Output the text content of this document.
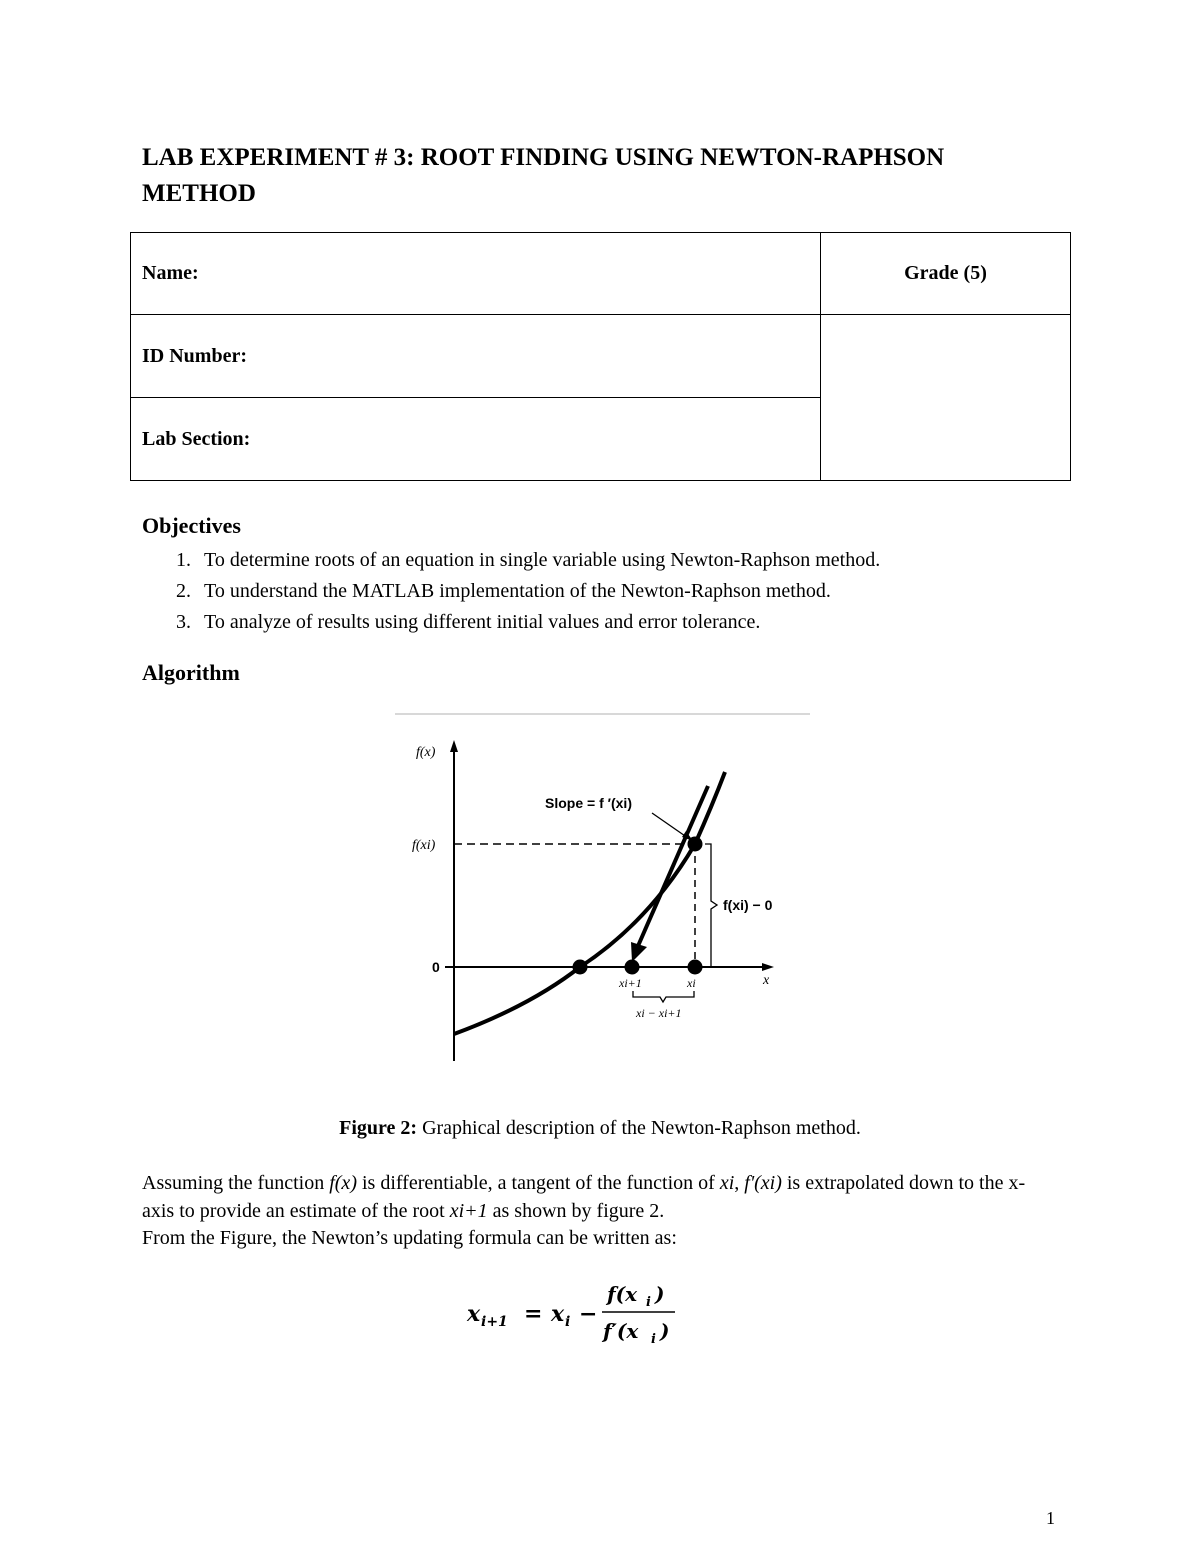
LAB EXPERIMENT # 3: ROOT FINDING USING NEWTON-RAPHSON METHOD
Name:	Grade (5)
ID Number:	
Lab Section:	
Objectives
1. To determine roots of an equation in single variable using Newton-Raphson method.
2. To understand the MATLAB implementation of the Newton-Raphson method.
3. To analyze of results using different initial values and error tolerance.
Algorithm
f(x)
f(xi)
0
Slope = f ′(xi)
f(xi) − 0
x
xi+1	xi
xi − xi+1
Figure 2: Graphical description of the Newton-Raphson method.

Assuming the function f(x) is differentiable, a tangent of the function of xi, f'(xi) is extrapolated down to the x- axis to provide an estimate of the root xi+1 as shown by figure 2.
From the Figure, the Newton’s updating formula can be written as:

x i+1 = x i −
f(x i )
f′(x i )
1
